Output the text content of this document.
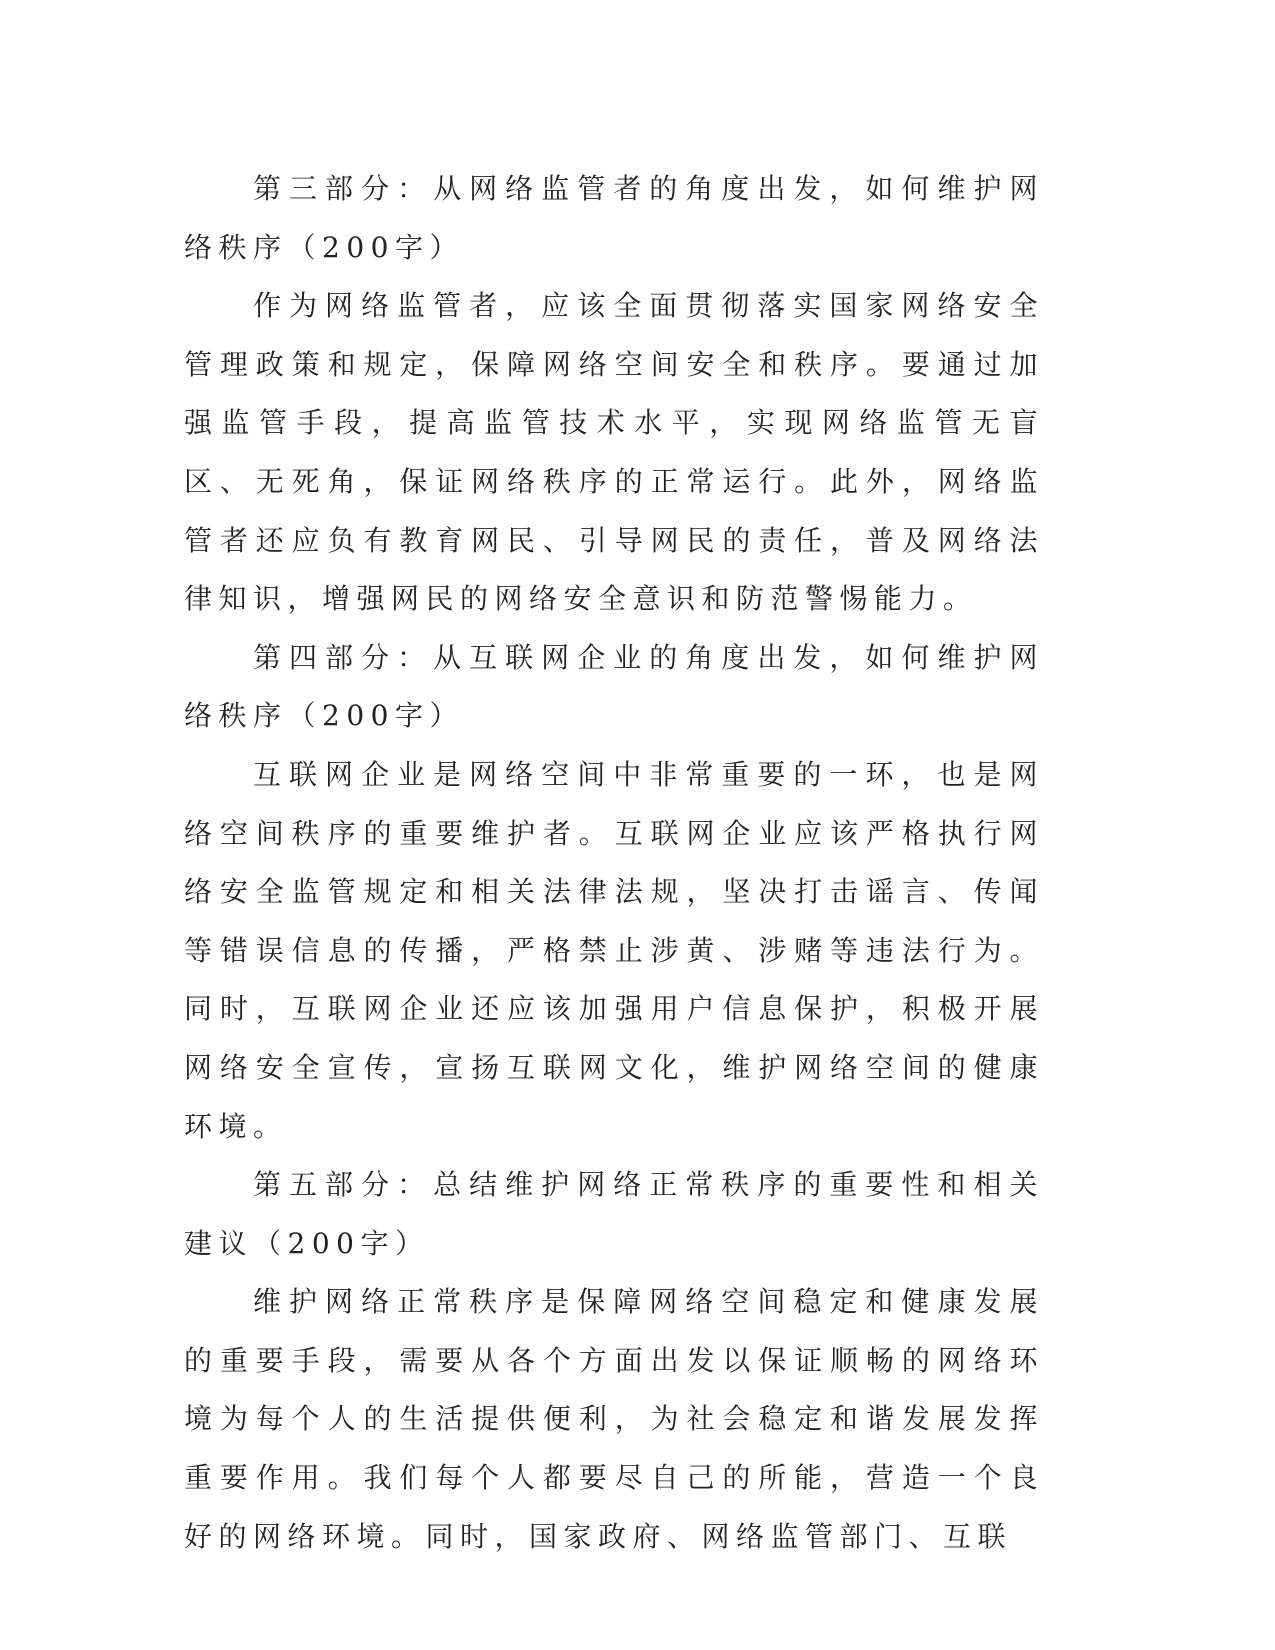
第三部分：从网络监管者的角度出发，如何维护网络秩序（200字）

作为网络监管者，应该全面贯彻落实国家网络安全管理政策和规定，保障网络空间安全和秩序。要通过加强监管手段，提高监管技术水平，实现网络监管无盲区、无死角，保证网络秩序的正常运行。此外，网络监管者还应负有教育网民、引导网民的责任，普及网络法律知识，增强网民的网络安全意识和防范警惕能力。

第四部分：从互联网企业的角度出发，如何维护网络秩序（200字）

互联网企业是网络空间中非常重要的一环，也是网络空间秩序的重要维护者。互联网企业应该严格执行网络安全监管规定和相关法律法规，坚决打击谣言、传闻等错误信息的传播，严格禁止涉黄、涉赌等违法行为。同时，互联网企业还应该加强用户信息保护，积极开展网络安全宣传，宣扬互联网文化，维护网络空间的健康环境。

第五部分：总结维护网络正常秩序的重要性和相关建议（200字）

维护网络正常秩序是保障网络空间稳定和健康发展的重要手段，需要从各个方面出发以保证顺畅的网络环境为每个人的生活提供便利，为社会稳定和谐发展发挥重要作用。我们每个人都要尽自己的所能，营造一个良好的网络环境。同时，国家政府、网络监管部门、互联
